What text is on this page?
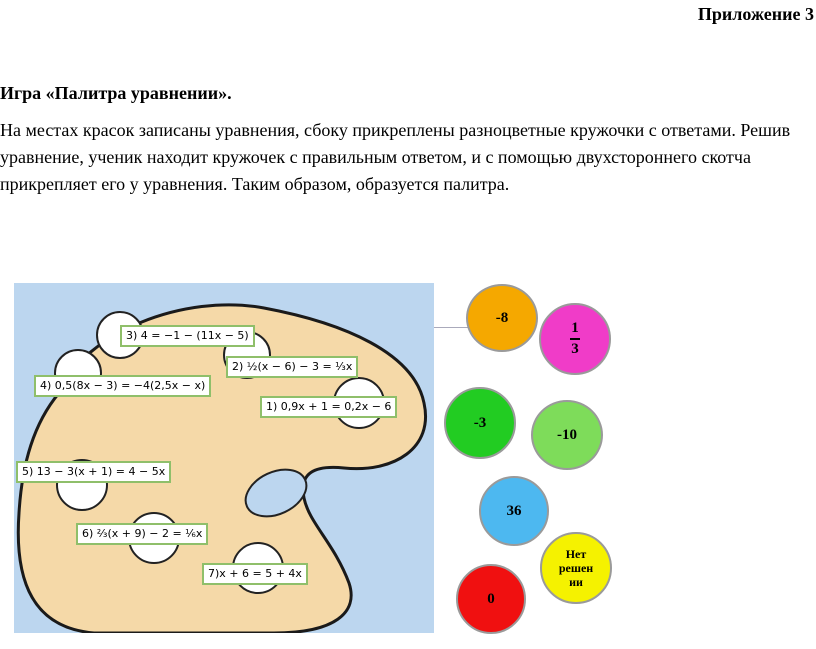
Приложение 3
Игра «Палитра уравнении».

На местах красок записаны уравнения, сбоку прикреплены разноцветные кружочки с ответами. Решив уравнение, ученик находит кружочек с правильным ответом, и с помощью двухстороннего скотча прикрепляет его у уравнения. Таким образом, образуется палитра.

3) 4 = −1 − (11x − 5)
2) ½(x − 6) − 3 = ⅓x
4) 0,5(8x − 3) = −4(2,5x − x)
1) 0,9x + 1 = 0,2x − 6
5) 13 − 3(x + 1) = 4 − 5x
6) ⅔(x + 9) − 2 = ⅙x
7)x + 6 = 5 + 4x
-8
$\frac{1}{3}$
-3
-10
36
Нет решен ии
0
